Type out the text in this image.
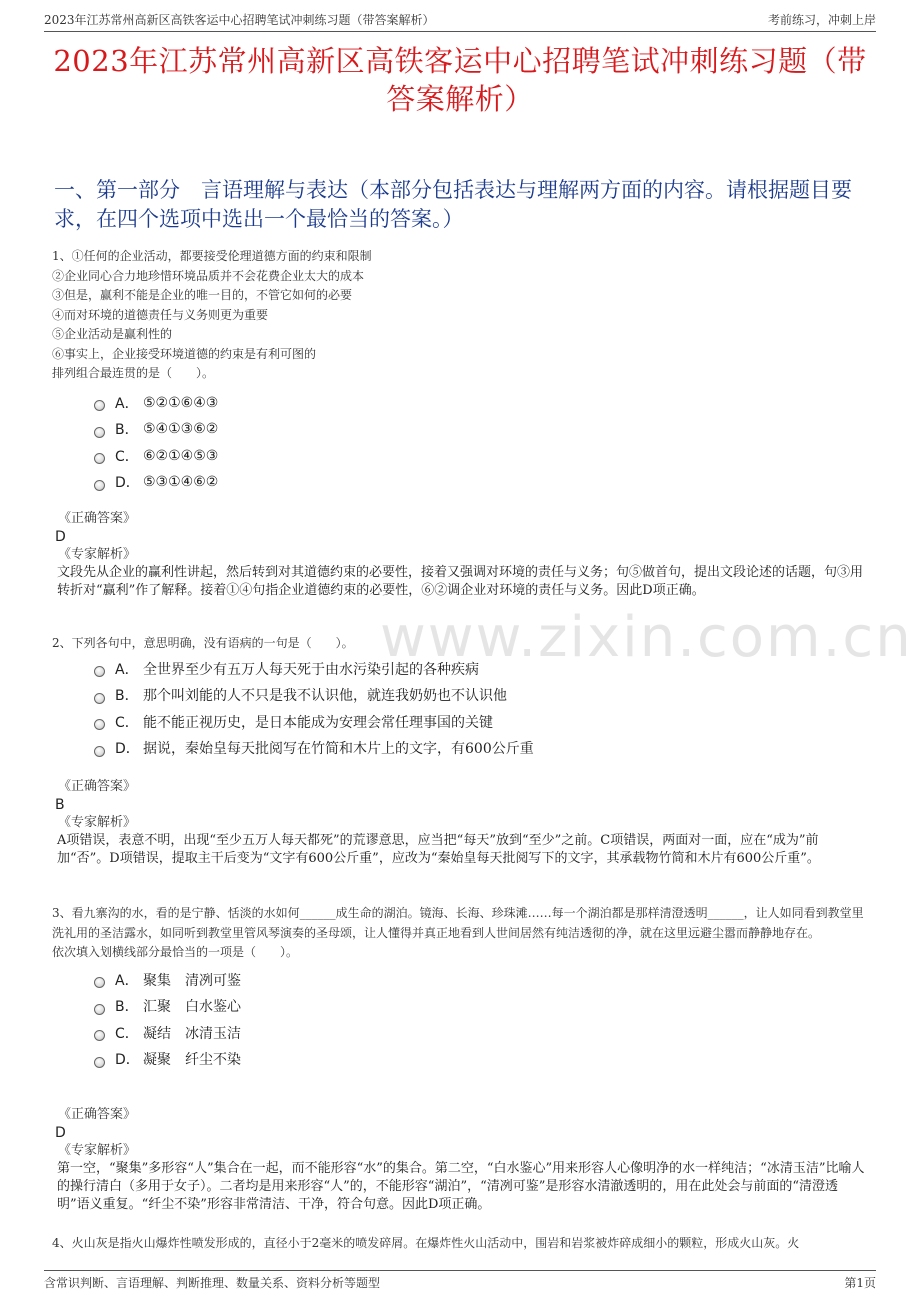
2023年江苏常州高新区高铁客运中心招聘笔试冲刺练习题（带答案解析）	考前练习，冲刺上岸
2023年江苏常州高新区高铁客运中心招聘笔试冲刺练习题（带答案解析）
一、第一部分　言语理解与表达（本部分包括表达与理解两方面的内容。请根据题目要求，在四个选项中选出一个最恰当的答案。）
www.zixin.com.cn
1、①任何的企业活动，都要接受伦理道德方面的约束和限制
②企业同心合力地珍惜环境品质并不会花费企业太大的成本
③但是，赢利不能是企业的唯一目的，不管它如何的必要
④而对环境的道德责任与义务则更为重要
⑤企业活动是赢利性的
⑥事实上，企业接受环境道德的约束是有利可图的
排列组合最连贯的是（　　）。
A． ⑤②①⑥④③
B． ⑤④①③⑥②
C． ⑥②①④⑤③
D． ⑤③①④⑥②
《正确答案》
D
《专家解析》
文段先从企业的赢利性讲起，然后转到对其道德约束的必要性，接着又强调对环境的责任与义务；句⑤做首句，提出文段论述的话题，句③用转折对“赢利”作了解释。接着①④句指企业道德约束的必要性，⑥②调企业对环境的责任与义务。因此D项正确。
2、下列各句中，意思明确，没有语病的一句是（　　）。
A． 全世界至少有五万人每天死于由水污染引起的各种疾病
B． 那个叫刘能的人不只是我不认识他，就连我奶奶也不认识他
C． 能不能正视历史，是日本能成为安理会常任理事国的关键
D． 据说，秦始皇每天批阅写在竹简和木片上的文字，有600公斤重
《正确答案》
B
《专家解析》
A项错误，表意不明，出现“至少五万人每天都死”的荒谬意思，应当把“每天”放到“至少”之前。C项错误，两面对一面，应在“成为”前加“否”。D项错误，提取主干后变为“文字有600公斤重”，应改为“秦始皇每天批阅写下的文字，其承载物竹简和木片有600公斤重”。
3、看九寨沟的水，看的是宁静、恬淡的水如何______成生命的湖泊。镜海、长海、珍珠滩……每一个湖泊都是那样清澄透明______，让人如同看到教堂里洗礼用的圣洁露水，如同听到教堂里管风琴演奏的圣母颂，让人懂得并真正地看到人世间居然有纯洁透彻的净，就在这里远避尘嚣而静静地存在。
依次填入划横线部分最恰当的一项是（　　）。
A． 聚集　清冽可鉴
B． 汇聚　白水鉴心
C． 凝结　冰清玉洁
D． 凝聚　纤尘不染
《正确答案》
D
《专家解析》
第一空，“聚集”多形容“人”集合在一起，而不能形容“水”的集合。第二空，“白水鉴心”用来形容人心像明净的水一样纯洁；“冰清玉洁”比喻人的操行清白（多用于女子）。二者均是用来形容“人”的，不能形容“湖泊”，“清冽可鉴”是形容水清澈透明的，用在此处会与前面的“清澄透明”语义重复。“纤尘不染”形容非常清洁、干净，符合句意。因此D项正确。
4、火山灰是指火山爆炸性喷发形成的，直径小于2毫米的喷发碎屑。在爆炸性火山活动中，围岩和岩浆被炸碎成细小的颗粒，形成火山灰。火
含常识判断、言语理解、判断推理、数量关系、资料分析等题型	第1页
